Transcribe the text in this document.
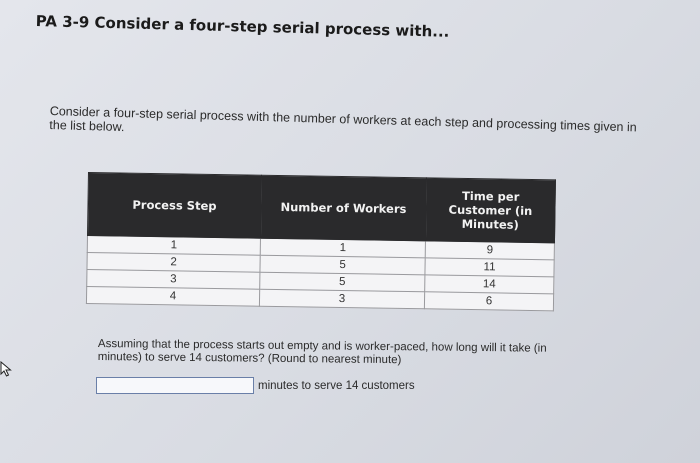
PA 3-9 Consider a four-step serial process with...
Consider a four-step serial process with the number of workers at each step and processing times given in the list below.
Process Step	Number of Workers	Time per Customer (in Minutes)
1	1	9
2	5	11
3	5	14
4	3	6
Assuming that the process starts out empty and is worker-paced, how long will it take (in minutes) to serve 14 customers? (Round to nearest minute)
minutes to serve 14 customers
